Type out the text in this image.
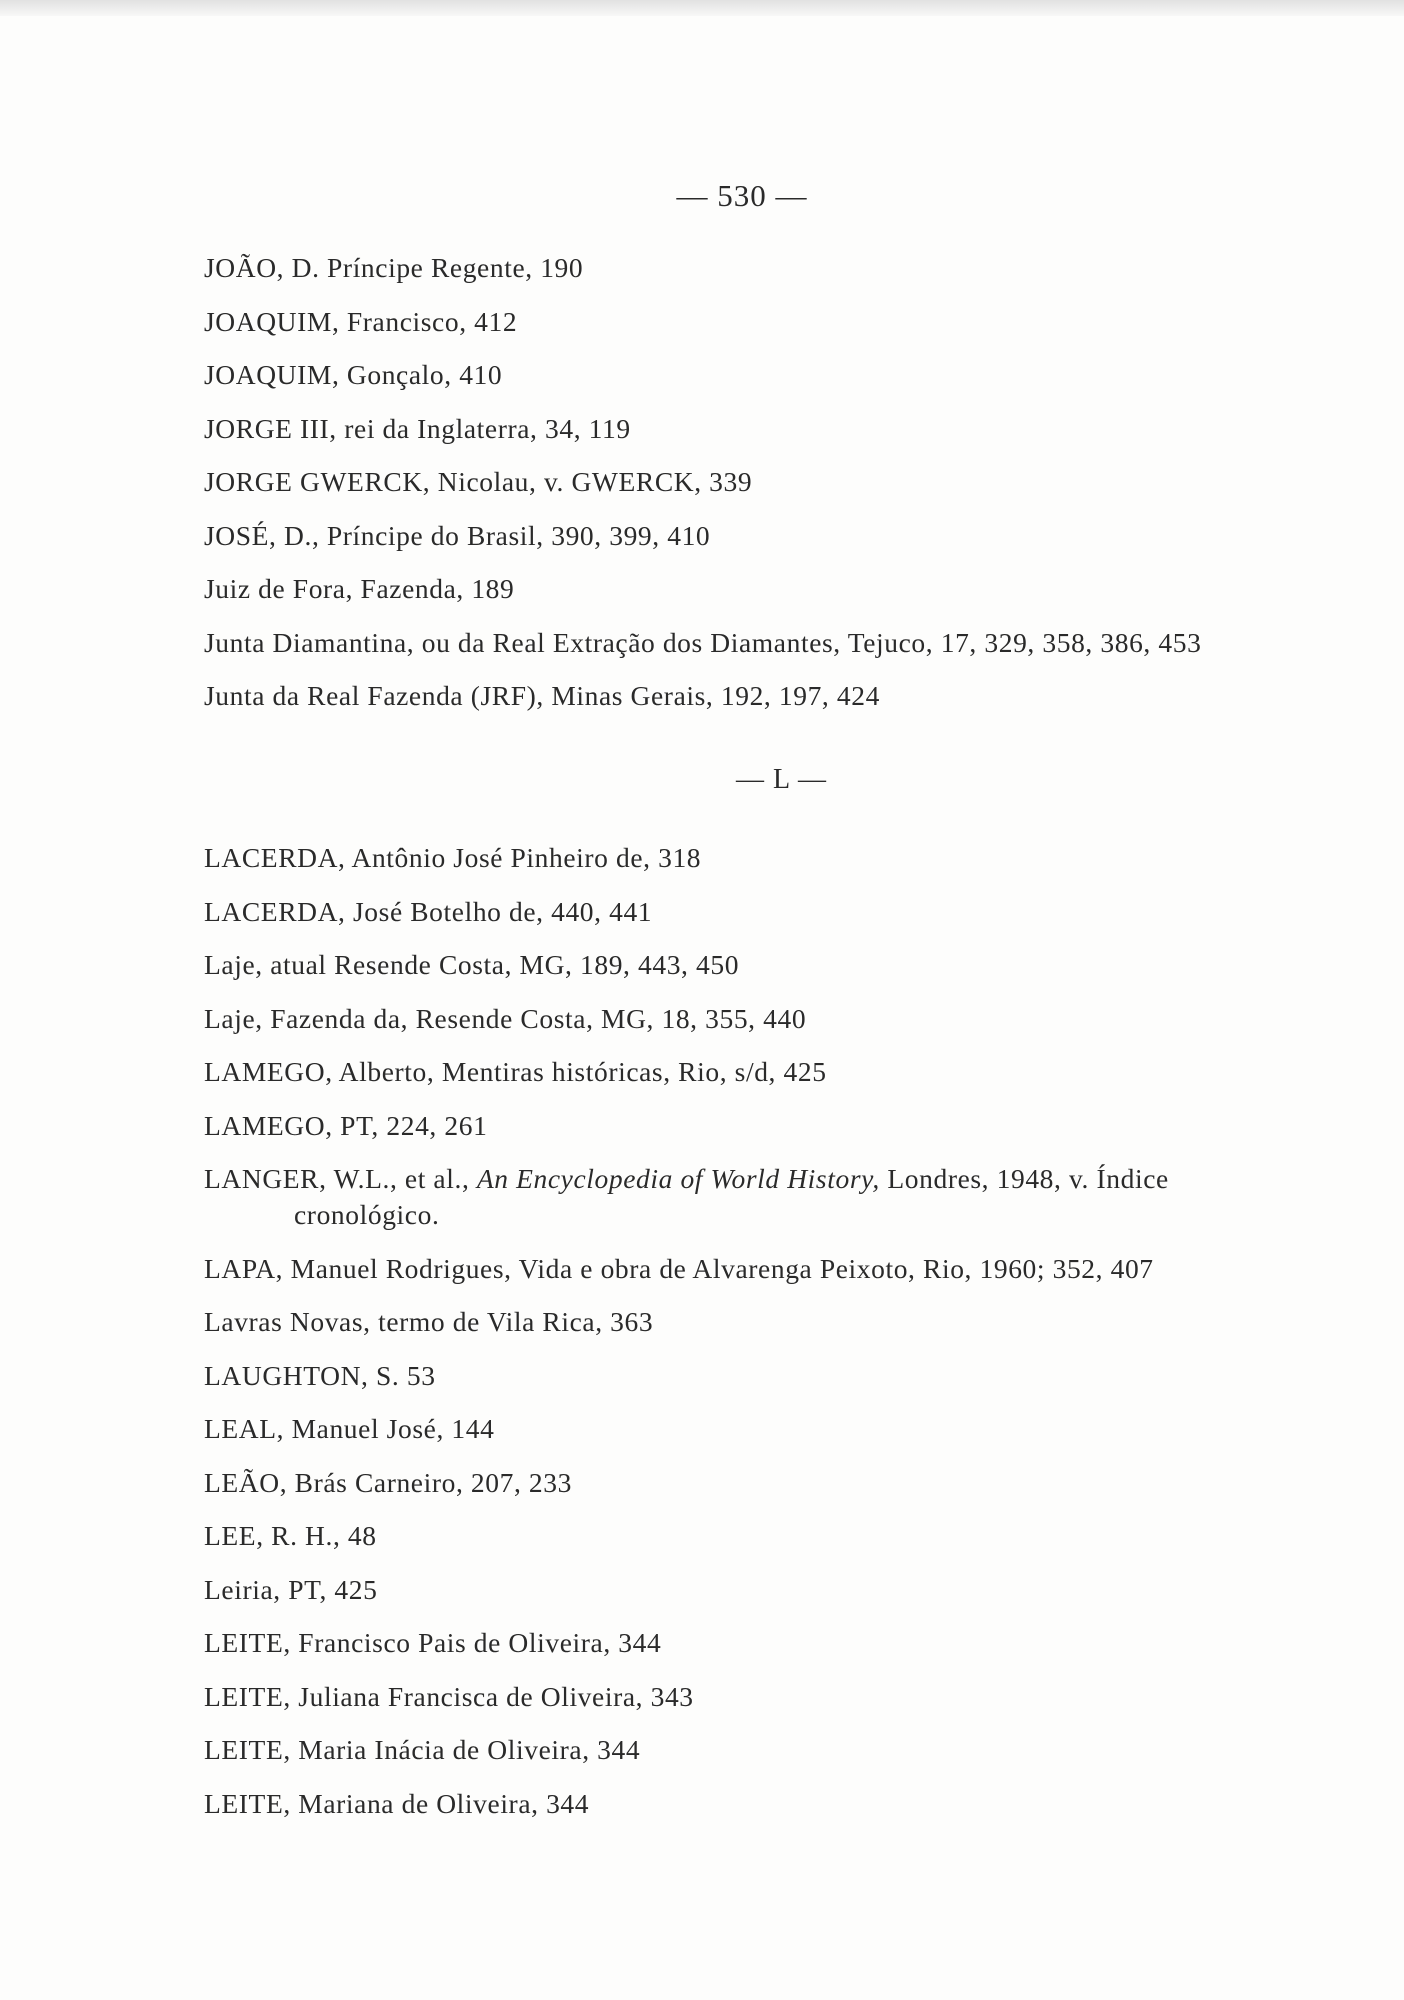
— 530 —

JOÃO, D. Príncipe Regente, 190

JOAQUIM, Francisco, 412

JOAQUIM, Gonçalo, 410

JORGE III, rei da Inglaterra, 34, 119

JORGE GWERCK, Nicolau, v. GWERCK, 339

JOSÉ, D., Príncipe do Brasil, 390, 399, 410

Juiz de Fora, Fazenda, 189

Junta Diamantina, ou da Real Extração dos Diamantes, Tejuco, 17, 329, 358, 386, 453

Junta da Real Fazenda (JRF), Minas Gerais, 192, 197, 424

— L —

LACERDA, Antônio José Pinheiro de, 318

LACERDA, José Botelho de, 440, 441

Laje, atual Resende Costa, MG, 189, 443, 450

Laje, Fazenda da, Resende Costa, MG, 18, 355, 440

LAMEGO, Alberto, Mentiras históricas, Rio, s/d, 425

LAMEGO, PT, 224, 261

LANGER, W.L., et al., An Encyclopedia of World History, Londres, 1948, v. Índice cronológico.

LAPA, Manuel Rodrigues, Vida e obra de Alvarenga Peixoto, Rio, 1960; 352, 407

Lavras Novas, termo de Vila Rica, 363

LAUGHTON, S. 53

LEAL, Manuel José, 144

LEÃO, Brás Carneiro, 207, 233

LEE, R. H., 48

Leiria, PT, 425

LEITE, Francisco Pais de Oliveira, 344

LEITE, Juliana Francisca de Oliveira, 343

LEITE, Maria Inácia de Oliveira, 344

LEITE, Mariana de Oliveira, 344
